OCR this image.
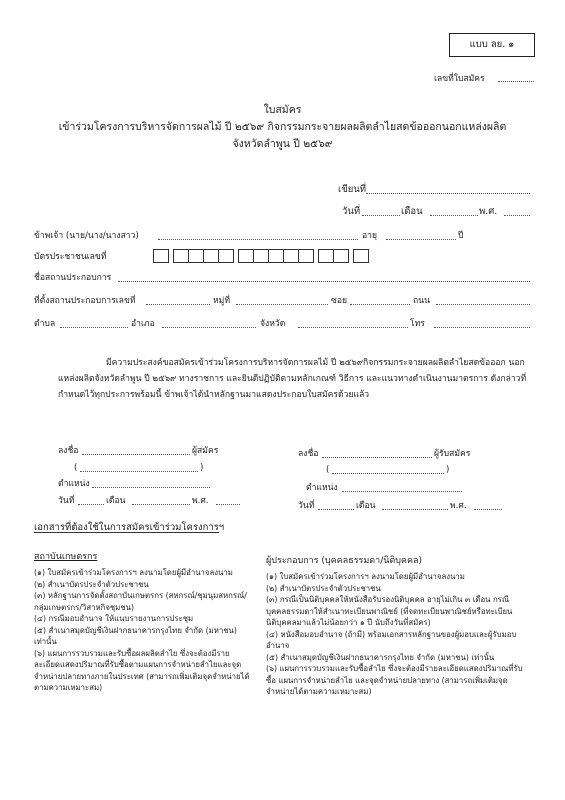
แบบ ลย. ๑
เลขที่ใบสมัคร
ใบสมัคร
เข้าร่วมโครงการบริหารจัดการผลไม้ ปี ๒๕๖๙ กิจกรรมกระจายผลผลิตลำไยสดข้อออกนอกแหล่งผลิต
จังหวัดลำพูน ปี ๒๕๖๙
เขียนที่
วันที่	เดือน	พ.ศ.
ข้าพเจ้า (นาย/นาง/นางสาว)	อายุ	ปี
บัตรประชาชนเลขที่
ชื่อสถานประกอบการ
ที่ตั้งสถานประกอบการเลขที่	หมู่ที่	ซอย	ถนน
ตำบล	อำเภอ	จังหวัด	โทร
มีความประสงค์ขอสมัครเข้าร่วมโครงการบริหารจัดการผลไม้ ปี ๒๕๖๙กิจกรรมกระจายผลผลิตลำไยสดข้อออก นอกแหล่งผลิตจังหวัดลำพูน ปี ๒๕๖๙ ทางราชการ และยินดีปฏิบัติตามหลักเกณฑ์ วิธีการ และแนวทางดำเนินงานมาตรการ ดังกล่าวที่กำหนดไว้ทุกประการพร้อมนี้ ข้าพเจ้าได้นำหลักฐานมาแสดงประกอบใบสมัครด้วยแล้ว
ลงชื่อ	ผู้สมัคร
(	)
ตำแหน่ง
วันที่	เดือน	พ.ศ.
ลงชื่อ	ผู้รับสมัคร
(	)
ตำแหน่ง
วันที่	เดือน	พ.ศ.
เอกสารที่ต้องใช้ในการสมัครเข้าร่วมโครงการฯ
สถาบันเกษตรกร
(๑) ใบสมัครเข้าร่วมโครงการฯ ลงนามโดยผู้มีอำนาจลงนาม
(๒) สำเนาบัตรประจำตัวประชาชน
(๓) หลักฐานการจัดตั้งสถาบันเกษตรกร (สหกรณ์/ชุมนุมสหกรณ์/กลุ่มเกษตรกร/วิสาหกิจชุมชน)
(๔) กรณีมอบอำนาจ ให้แนบรายงานการประชุม
(๕) สำเนาสมุดบัญชีเงินฝากธนาคารกรุงไทย จำกัด (มหาชน) เท่านั้น
(๖) แผนการรวบรวมและรับซื้อผลผลิตลำไย ซึ่งจะต้องมีรายละเอียดแสดงปริมาณที่รับซื้อตามแผนการจำหน่ายลำไยและจุดจำหน่ายปลายทางภายในประเทศ (สามารถเพิ่มเติมจุดจำหน่ายได้ตามความเหมาะสม)
ผู้ประกอบการ (บุคคลธรรมดา/นิติบุคคล)
(๑) ใบสมัครเข้าร่วมโครงการฯ ลงนามโดยผู้มีอำนาจลงนาม
(๒) สำเนาบัตรประจำตัวประชาชน
(๓) กรณีเป็นนิติบุคคลให้หนังสือรับรองนิติบุคคล อายุไม่เกิน ๓ เดือน กรณีบุคคลธรรมดาให้สำเนาทะเบียนพาณิชย์ (ที่จดทะเบียนพาณิชย์หรือทะเบียนนิติบุคคลมาแล้วไม่น้อยกว่า ๑ ปี นับถึงวันที่สมัคร)
(๔) หนังสือมอบอำนาจ (ถ้ามี) พร้อมเอกสารหลักฐานของผู้มอบและผู้รับมอบอำนาจ
(๕) สำเนาสมุดบัญชีเงินฝากธนาคารกรุงไทย จำกัด (มหาชน) เท่านั้น
(๖) แผนการรวบรวมและรับซื้อลำไย ซึ่งจะต้องมีรายละเอียดแสดงปริมาณที่รับซื้อ แผนการจำหน่ายลำไย และจุดจำหน่ายปลายทาง (สามารถเพิ่มเติมจุดจำหน่ายได้ตามความเหมาะสม)
